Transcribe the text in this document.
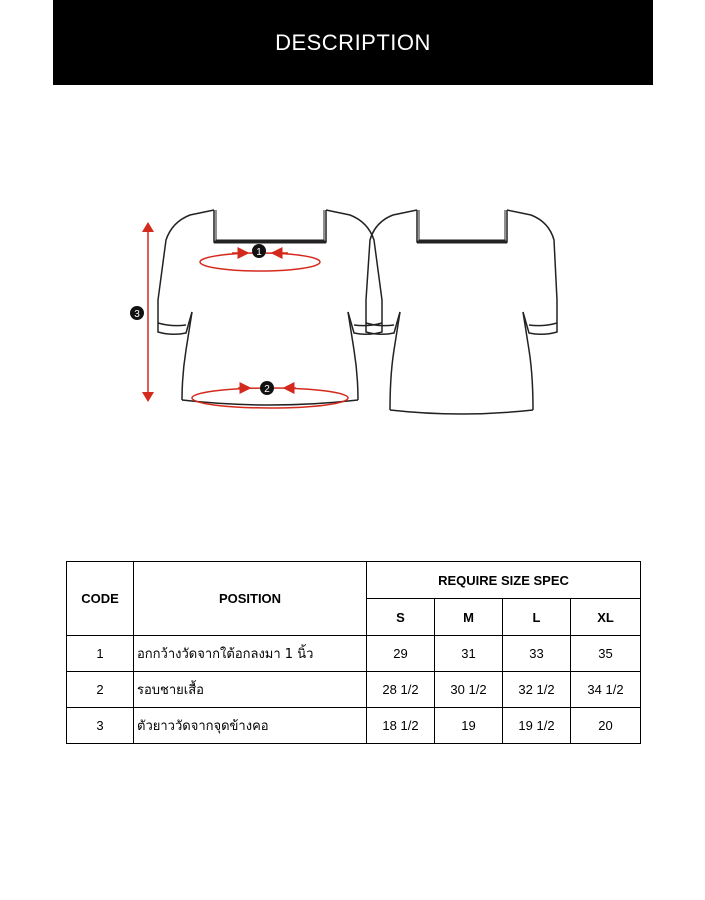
DESCRIPTION
1
2
3
CODE	POSITION	REQUIRE SIZE SPEC			
		S	M	L	XL
1	อกกว้างวัดจากใต้อกลงมา 1 นิ้ว	29	31	33	35
2	รอบชายเสื้อ	28 1/2	30 1/2	32 1/2	34 1/2
3	ตัวยาววัดจากจุดข้างคอ	18 1/2	19	19 1/2	20
